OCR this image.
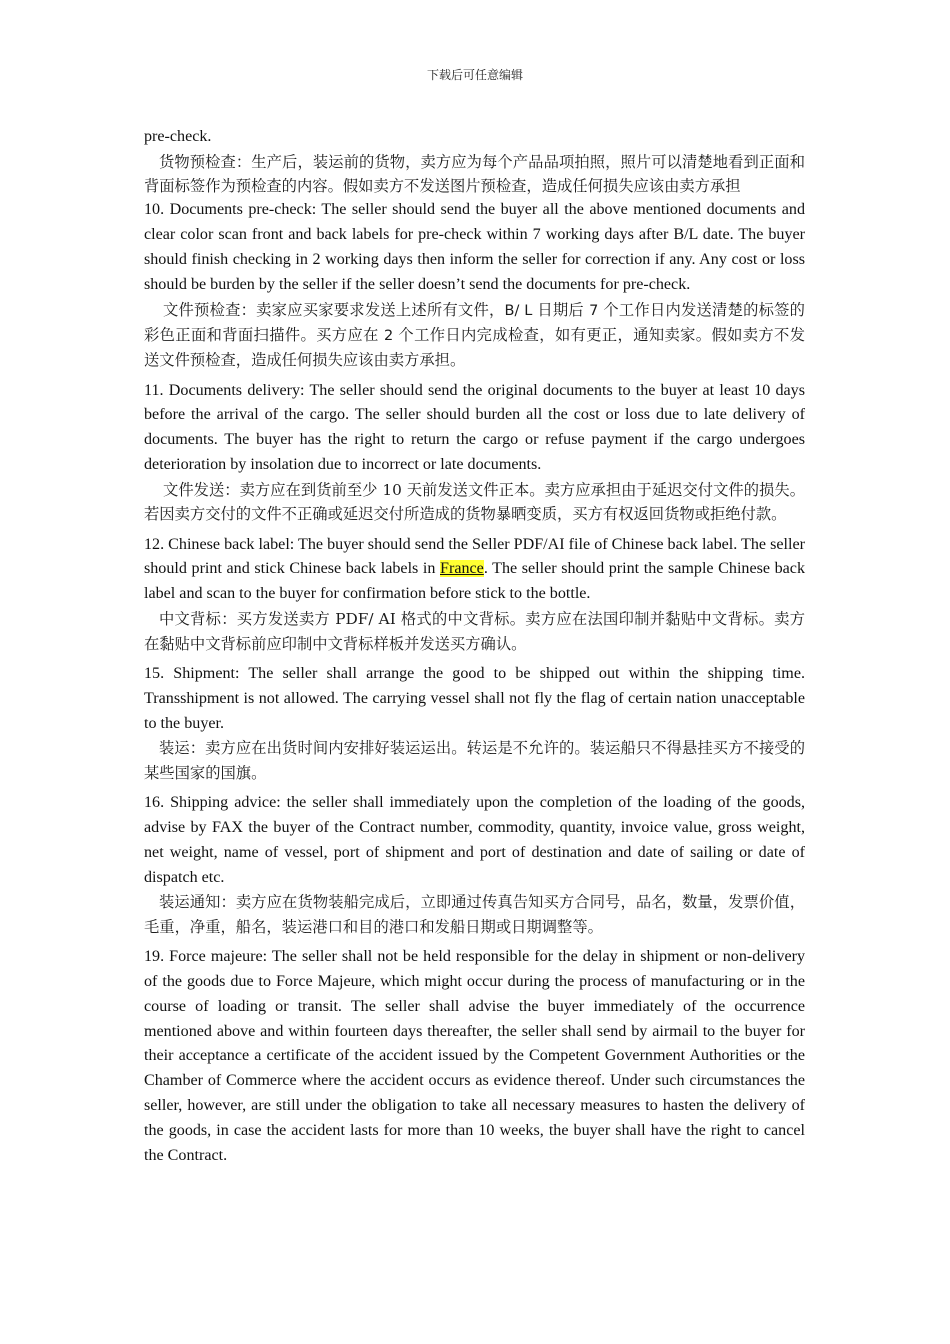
下载后可任意编辑

pre-check.

货物预检查：生产后，装运前的货物，卖方应为每个产品品项拍照，照片可以清楚地看到正面和背面标签作为预检查的内容。假如卖方不发送图片预检查，造成任何损失应该由卖方承担

10. Documents pre-check: The seller should send the buyer all the above mentioned documents and clear color scan front and back labels for pre-check within 7 working days after B/L date. The buyer should finish checking in 2 working days then inform the seller for correction if any. Any cost or loss should be burden by the seller if the seller doesn’t send the documents for pre-check.

文件预检查：卖家应买家要求发送上述所有文件，B/ L 日期后 7 个工作日内发送清楚的标签的彩色正面和背面扫描件。买方应在 2 个工作日内完成检查，如有更正，通知卖家。假如卖方不发送文件预检查，造成任何损失应该由卖方承担。

11. Documents delivery: The seller should send the original documents to the buyer at least 10 days before the arrival of the cargo. The seller should burden all the cost or loss due to late delivery of documents. The buyer has the right to return the cargo or refuse payment if the cargo undergoes deterioration by insolation due to incorrect or late documents.

文件发送：卖方应在到货前至少 10 天前发送文件正本。卖方应承担由于延迟交付文件的损失。若因卖方交付的文件不正确或延迟交付所造成的货物暴晒变质，买方有权返回货物或拒绝付款。

12. Chinese back label: The buyer should send the Seller PDF/AI file of Chinese back label. The seller should print and stick Chinese back labels in France. The seller should print the sample Chinese back label and scan to the buyer for confirmation before stick to the bottle.

中文背标：买方发送卖方 PDF/ AI 格式的中文背标。卖方应在法国印制并黏贴中文背标。卖方在黏贴中文背标前应印制中文背标样板并发送买方确认。

15. Shipment: The seller shall arrange the good to be shipped out within the shipping time. Transshipment is not allowed. The carrying vessel shall not fly the flag of certain nation unacceptable to the buyer.

装运：卖方应在出货时间内安排好装运运出。转运是不允许的。装运船只不得悬挂买方不接受的某些国家的国旗。

16. Shipping advice: the seller shall immediately upon the completion of the loading of the goods, advise by FAX the buyer of the Contract number, commodity, quantity, invoice value, gross weight, net weight, name of vessel, port of shipment and port of destination and date of sailing or date of dispatch etc.

装运通知：卖方应在货物装船完成后，立即通过传真告知买方合同号，品名，数量，发票价值，毛重，净重，船名，装运港口和目的港口和发船日期或日期调整等。

19. Force majeure: The seller shall not be held responsible for the delay in shipment or non-delivery of the goods due to Force Majeure, which might occur during the process of manufacturing or in the course of loading or transit. The seller shall advise the buyer immediately of the occurrence mentioned above and within fourteen days thereafter, the seller shall send by airmail to the buyer for their acceptance a certificate of the accident issued by the Competent Government Authorities or the Chamber of Commerce where the accident occurs as evidence thereof. Under such circumstances the seller, however, are still under the obligation to take all necessary measures to hasten the delivery of the goods, in case the accident lasts for more than 10 weeks, the buyer shall have the right to cancel the Contract.
